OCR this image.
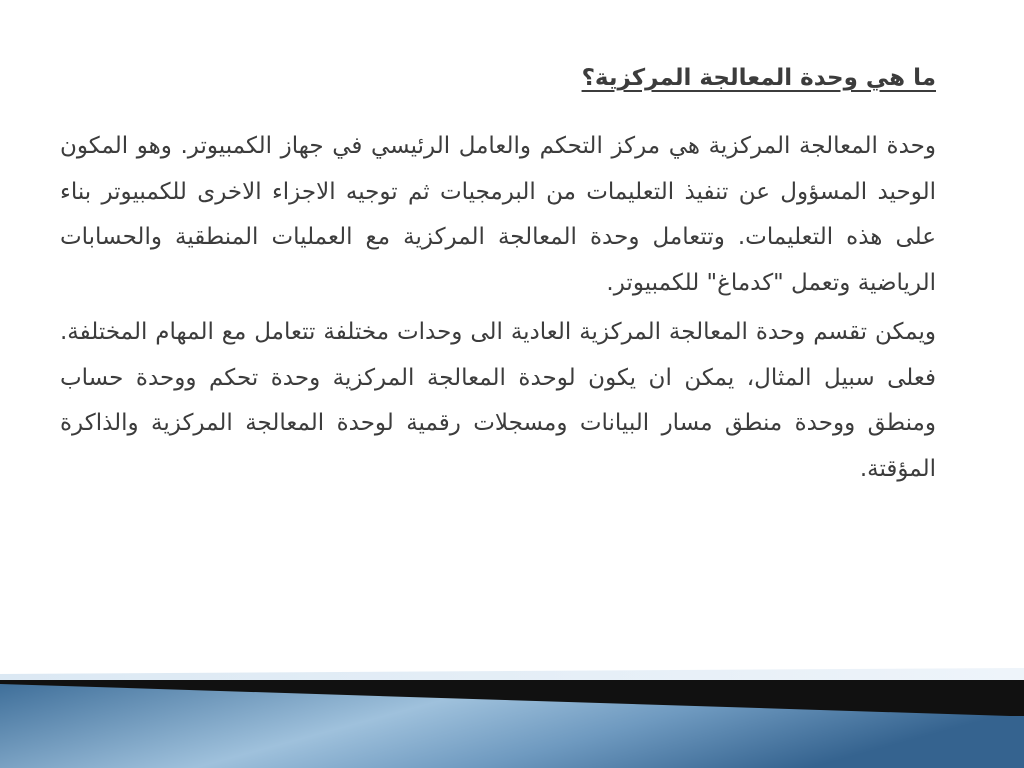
ما هي وحدة المعالجة المركزية؟

وحدة المعالجة المركزية هي مركز التحكم والعامل الرئيسي في جهاز الكمبيوتر. وهو المكون الوحيد المسؤول عن تنفيذ التعليمات من البرمجيات ثم توجيه الاجزاء الاخرى للكمبيوتر بناء على هذه التعليمات. وتتعامل وحدة المعالجة المركزية مع العمليات المنطقية والحسابات الرياضية وتعمل "كدماغ" للكمبيوتر.

ويمكن تقسم وحدة المعالجة المركزية العادية الى وحدات مختلفة تتعامل مع المهام المختلفة. فعلى سبيل المثال، يمكن ان يكون لوحدة المعالجة المركزية وحدة تحكم ووحدة حساب ومنطق ووحدة منطق مسار البيانات ومسجلات رقمية لوحدة المعالجة المركزية والذاكرة المؤقتة.
